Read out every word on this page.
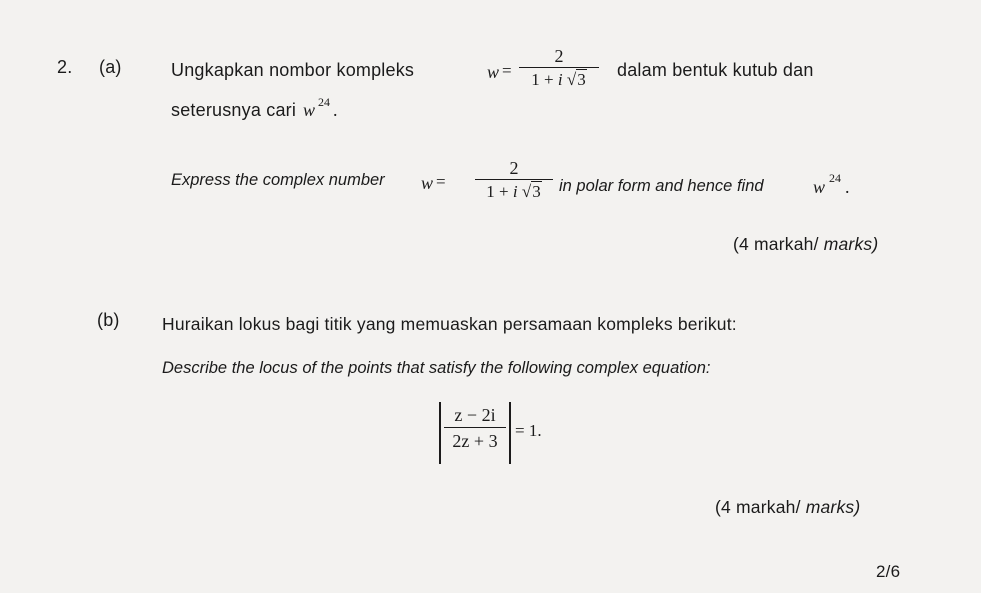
2. (a)	Ungkapkan nombor kompleks	w =
2
1 + i √3	dalam bentuk kutub dan
seterusnya cari w 24 .
Express the complex number w =
2
1 + i √3	in polar form and hence find	w 24 .
(4 markah/ marks)
(b) Huraikan lokus bagi titik yang memuaskan persamaan kompleks berikut:
Describe the locus of the points that satisfy the following complex equation:
z − 2i
2z + 3
= 1.
(4 markah/ marks)
2/6
